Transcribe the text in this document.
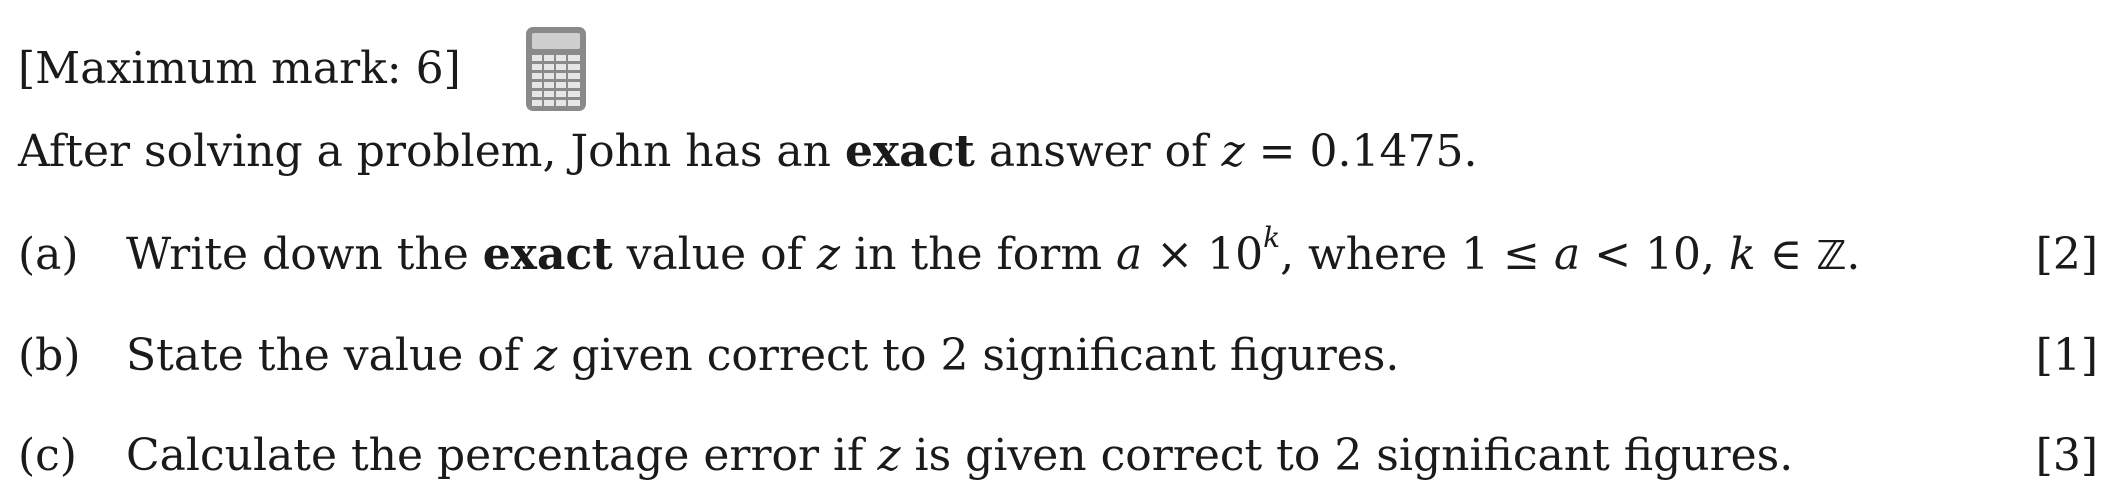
[Maximum mark: 6]
After solving a problem, John has an exact answer of z = 0.1475.
(a)	Write down the exact value of z in the form $a \times 10^k$, where 1 ≤ a < 10, k ∈ ℤ.	[2]
(b)	State the value of z given correct to 2 significant figures.	[1]
(c)	Calculate the percentage error if z is given correct to 2 significant figures.	[3]
